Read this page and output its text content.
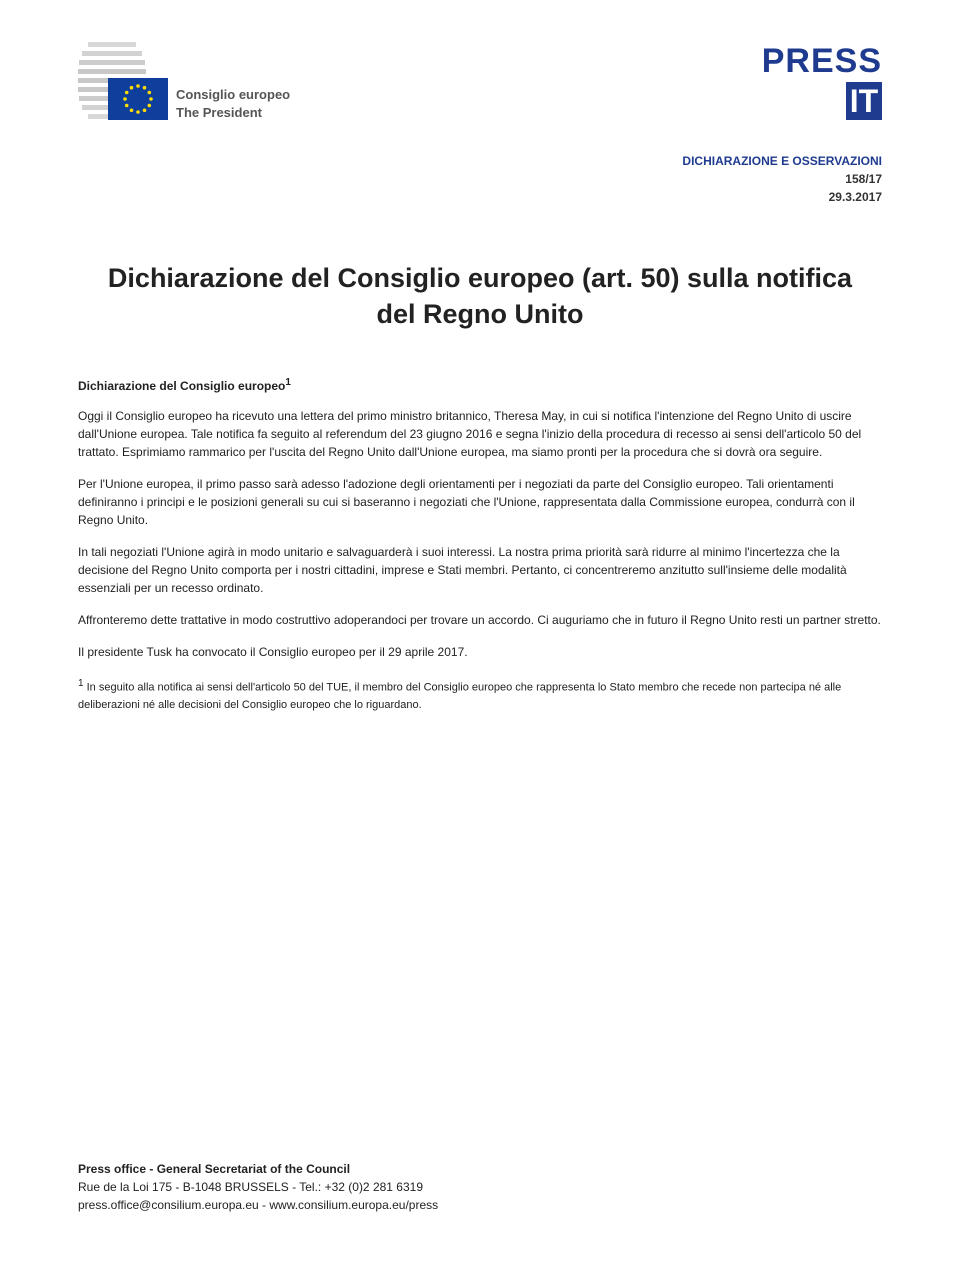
Consiglio europeo
The President
PRESS
IT
DICHIARAZIONE E OSSERVAZIONI
158/17
29.3.2017
Dichiarazione del Consiglio europeo (art. 50) sulla notifica del Regno Unito
Dichiarazione del Consiglio europeo$^1$

Oggi il Consiglio europeo ha ricevuto una lettera del primo ministro britannico, Theresa May, in cui si notifica l'intenzione del Regno Unito di uscire dall'Unione europea. Tale notifica fa seguito al referendum del 23 giugno 2016 e segna l'inizio della procedura di recesso ai sensi dell'articolo 50 del trattato. Esprimiamo rammarico per l'uscita del Regno Unito dall'Unione europea, ma siamo pronti per la procedura che si dovrà ora seguire.

Per l'Unione europea, il primo passo sarà adesso l'adozione degli orientamenti per i negoziati da parte del Consiglio europeo. Tali orientamenti definiranno i principi e le posizioni generali su cui si baseranno i negoziati che l'Unione, rappresentata dalla Commissione europea, condurrà con il Regno Unito.

In tali negoziati l'Unione agirà in modo unitario e salvaguarderà i suoi interessi. La nostra prima priorità sarà ridurre al minimo l'incertezza che la decisione del Regno Unito comporta per i nostri cittadini, imprese e Stati membri. Pertanto, ci concentreremo anzitutto sull'insieme delle modalità essenziali per un recesso ordinato.

Affronteremo dette trattative in modo costruttivo adoperandoci per trovare un accordo. Ci auguriamo che in futuro il Regno Unito resti un partner stretto.

Il presidente Tusk ha convocato il Consiglio europeo per il 29 aprile 2017.

$^1$ In seguito alla notifica ai sensi dell'articolo 50 del TUE, il membro del Consiglio europeo che rappresenta lo Stato membro che recede non partecipa né alle deliberazioni né alle decisioni del Consiglio europeo che lo riguardano.
Press office - General Secretariat of the Council
Rue de la Loi 175 - B-1048 BRUSSELS - Tel.: +32 (0)2 281 6319
press.office@consilium.europa.eu - www.consilium.europa.eu/press
